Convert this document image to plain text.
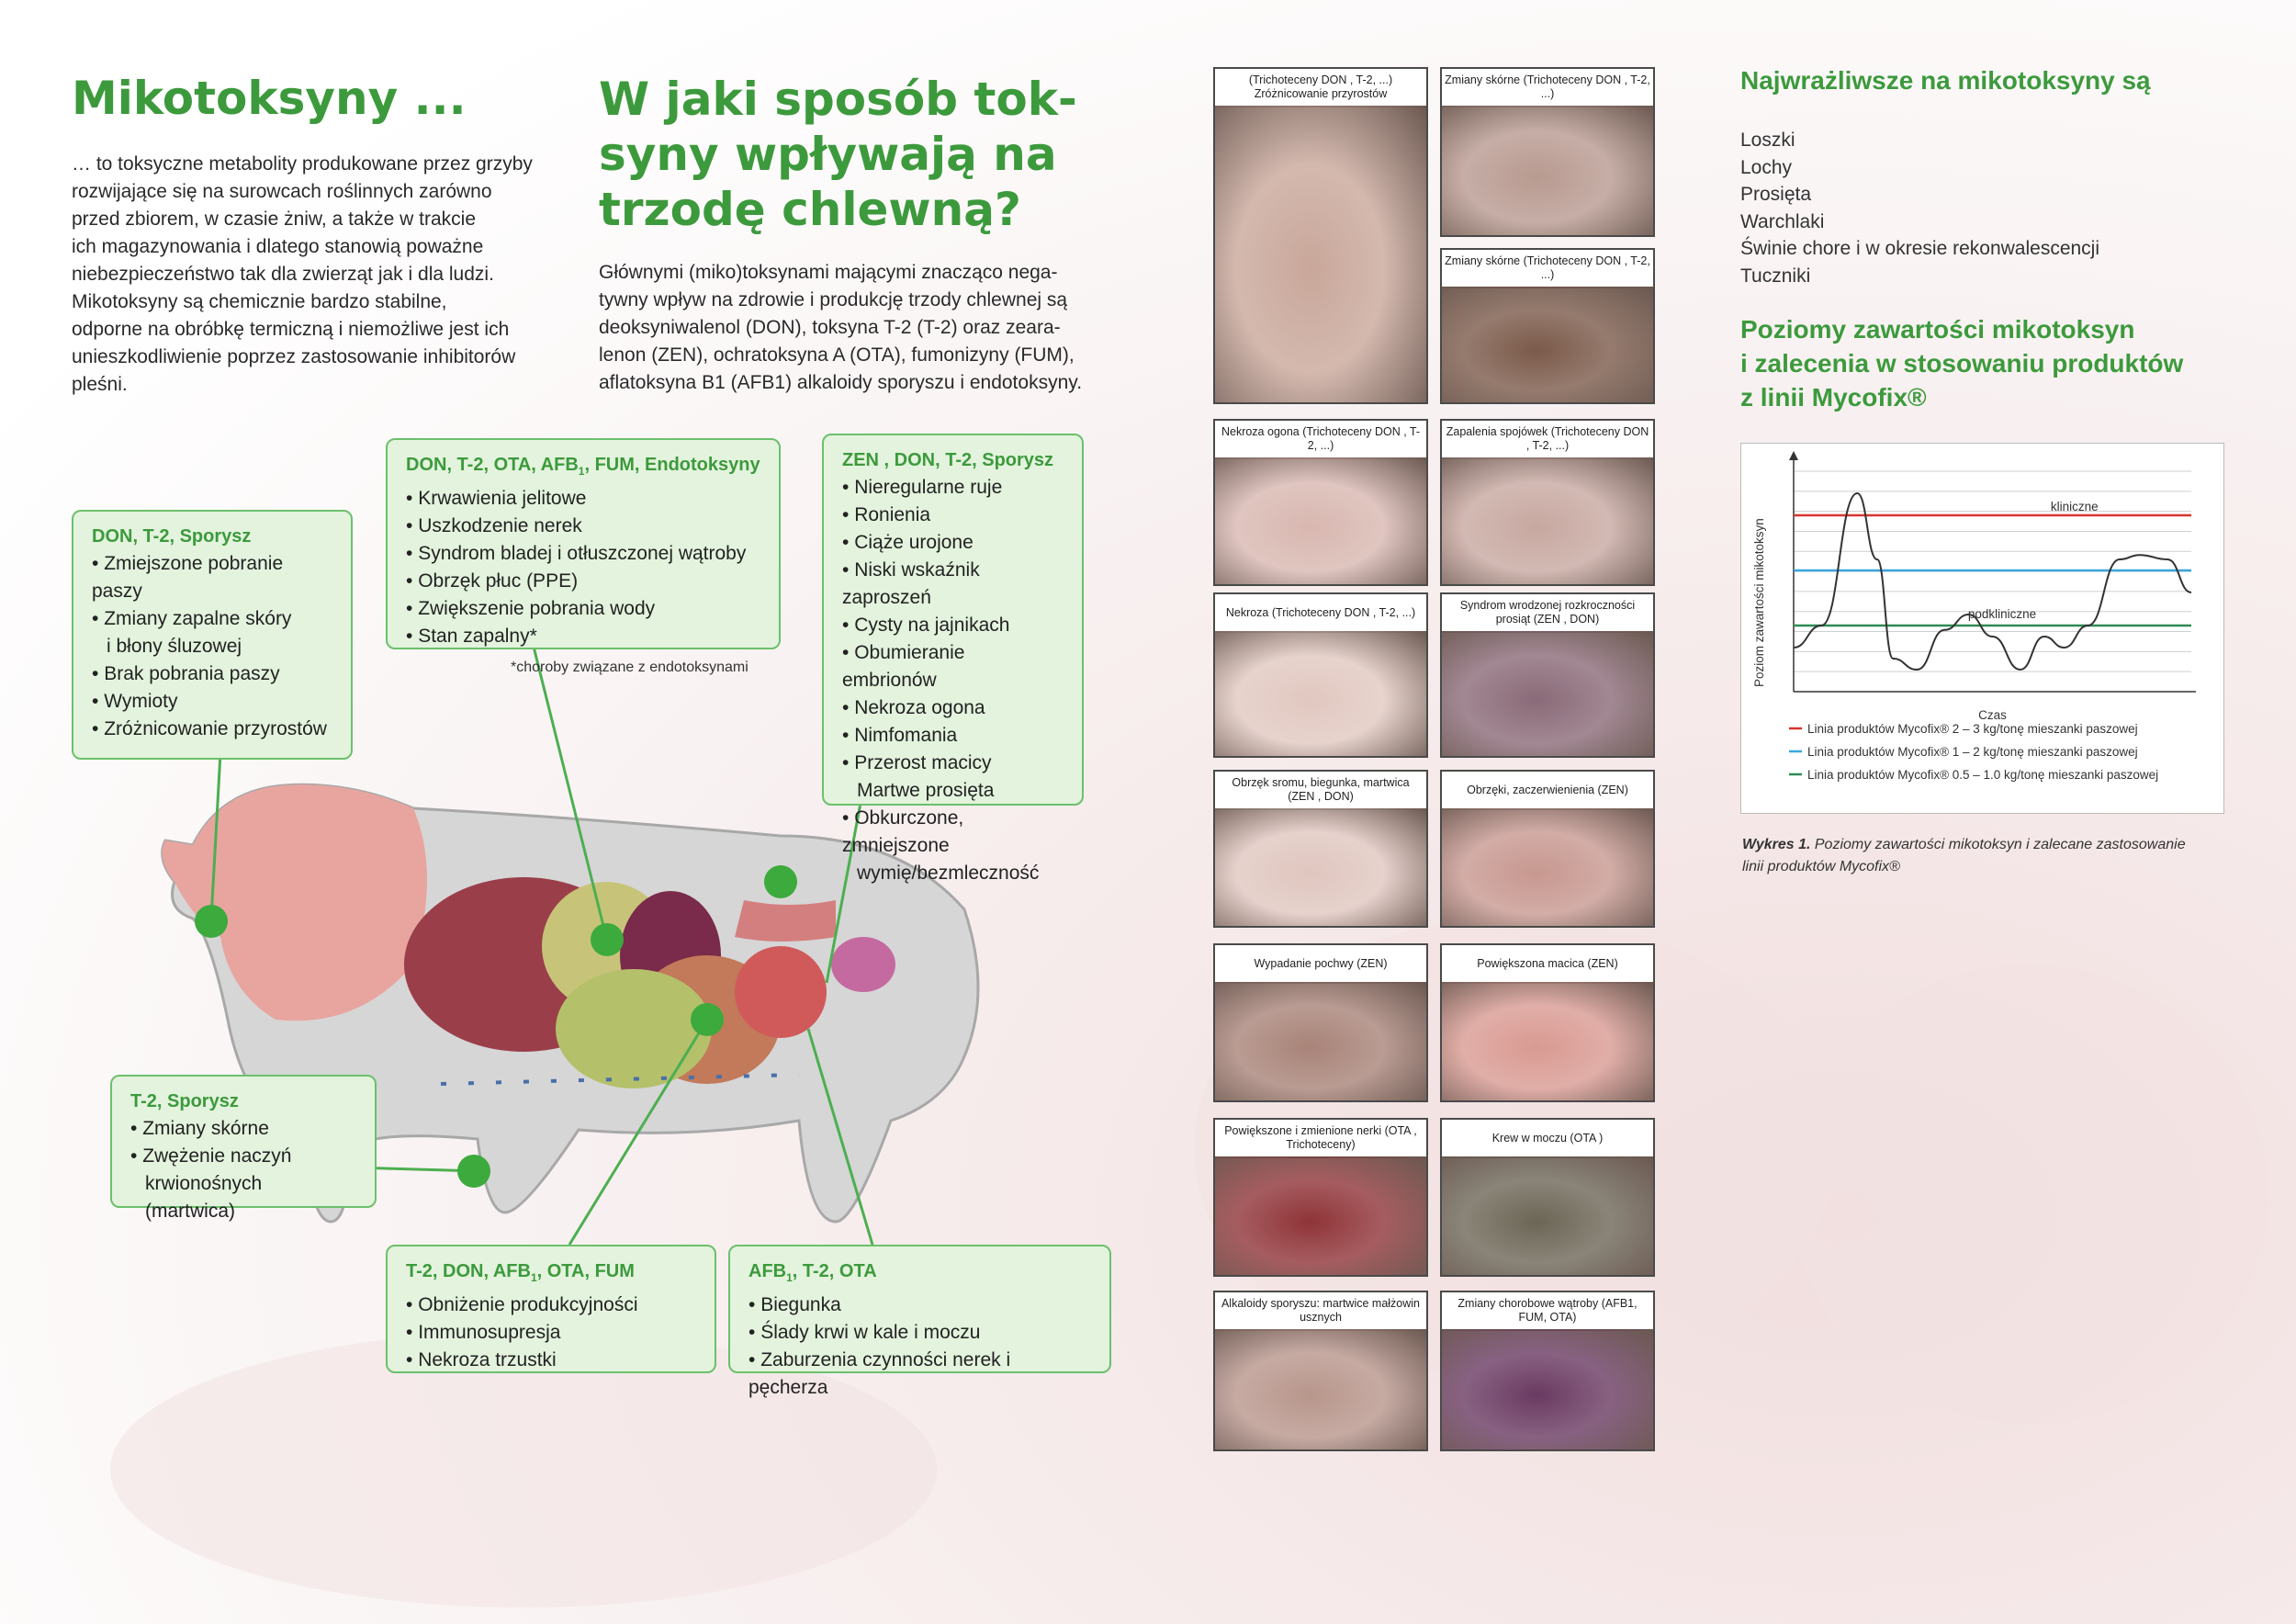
Mikotoksyny ...
… to toksyczne metabolity produkowane przez grzyby
rozwijające się na surowcach roślinnych zarówno
przed zbiorem, w czasie żniw, a także w trakcie
ich magazynowania i dlatego stanowią poważne
niebezpieczeństwo tak dla zwierząt jak i dla ludzi.
Mikotoksyny są chemicznie bardzo stabilne,
odporne na obróbkę termiczną i niemożliwe jest ich
unieszkodliwienie poprzez zastosowanie inhibitorów
pleśni.
W jaki sposób tok-
syny wpływają na
trzodę chlewną?
Głównymi (miko)toksynami mającymi znacząco nega-
tywny wpływ na zdrowie i produkcję trzody chlewnej są
deoksyniwalenol (DON), toksyna T-2 (T-2) oraz zeara-
lenon (ZEN), ochratoksyna A (OTA), fumonizyny (FUM),
aflatoksyna B1 (AFB1) alkaloidy sporyszu i endotoksyny.
DON, T-2, Sporysz
• Zmiejszone pobranie paszy
• Zmiany zapalne skóry
i błony śluzowej
• Brak pobrania paszy
• Wymioty
• Zróżnicowanie przyrostów
DON, T-2, OTA, $AFB_1$, FUM, Endotoksyny
• Krwawienia jelitowe
• Uszkodzenie nerek
• Syndrom bladej i otłuszczonej wątroby
• Obrzęk płuc (PPE)
• Zwiększenie pobrania wody
• Stan zapalny*
*choroby związane z endotoksynami
ZEN , DON, T-2, Sporysz
• Nieregularne ruje
• Ronienia
• Ciąże urojone
• Niski wskaźnik zaproszeń
• Cysty na jajnikach
• Obumieranie embrionów
• Nekroza ogona
• Nimfomania
• Przerost macicy
Martwe prosięta
• Obkurczone, zmniejszone
wymię/bezmleczność
T-2, Sporysz
• Zmiany skórne
• Zwężenie naczyń
krwionośnych (martwica)
T-2, DON, $AFB_1$, OTA, FUM
• Obniżenie produkcyjności
• Immunosupresja
• Nekroza trzustki
$AFB_1$, T-2, OTA
• Biegunka
• Ślady krwi w kale i moczu
• Zaburzenia czynności nerek i pęcherza
(Trichoteceny DON , T-2, ...) Zróżnicowanie przyrostów
Zmiany skórne (Trichoteceny DON , T-2, ...)
Zmiany skórne (Trichoteceny DON , T-2, ...)
Nekroza ogona (Trichoteceny DON , T-2, ...)
Zapalenia spojówek (Trichoteceny DON , T-2, ...)
Nekroza (Trichoteceny DON , T-2, ...)
Syndrom wrodzonej rozkroczności prosiąt (ZEN , DON)
Obrzęk sromu, biegunka, martwica (ZEN , DON)
Obrzęki, zaczerwienienia (ZEN)
Wypadanie pochwy (ZEN)	Powiększona macica (ZEN)
Powiększone i zmienione nerki (OTA , Trichoteceny)
Krew w moczu (OTA )
Alkaloidy sporyszu: martwice małżowin usznych
Zmiany chorobowe wątroby (AFB1, FUM, OTA)
Najwrażliwsze na mikotoksyny są
Loszki
Lochy
Prosięta
Warchlaki
Świnie chore i w okresie rekonwalescencji
Tuczniki
Poziomy zawartości mikotoksyn
i zalecenia w stosowaniu produktów
z linii Mycofix®
kliniczne
podkliniczne
Poziom zawartości mikotoksyn
Czas
Linia produktów Mycofix® 2 – 3 kg/tonę mieszanki paszowej
Linia produktów Mycofix® 1 – 2 kg/tonę mieszanki paszowej
Linia produktów Mycofix® 0.5 – 1.0 kg/tonę mieszanki paszowej
Wykres 1. Poziomy zawartości mikotoksyn i zalecane zastosowanie
linii produktów Mycofix®
